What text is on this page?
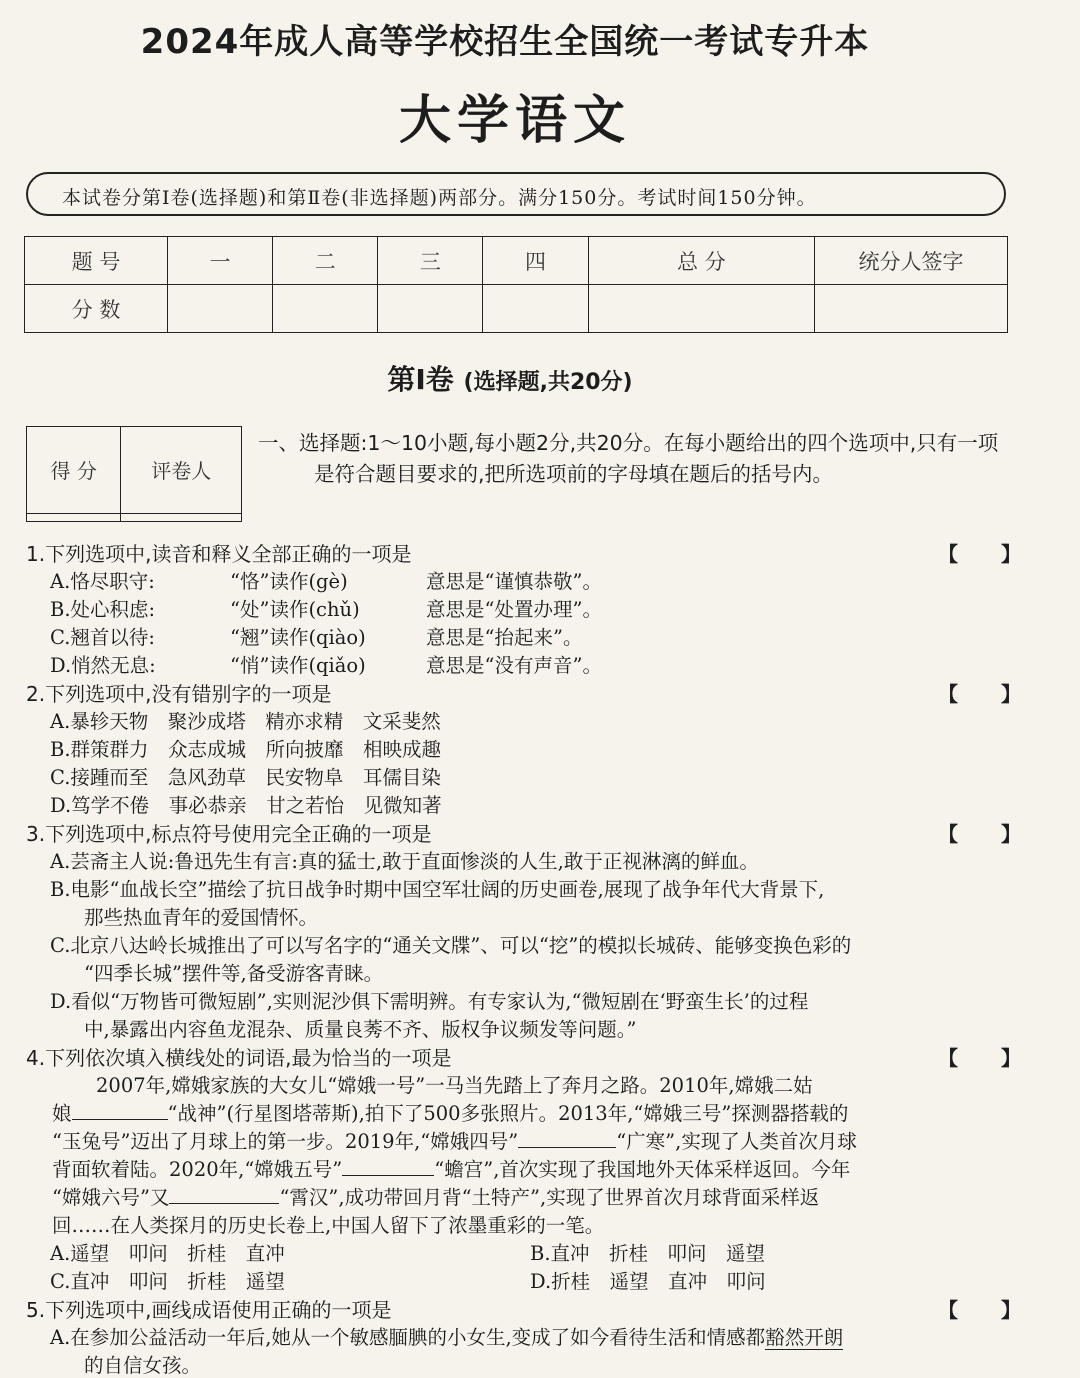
2024年成人高等学校招生全国统一考试专升本
大学语文
本试卷分第Ⅰ卷(选择题)和第Ⅱ卷(非选择题)两部分。满分150分。考试时间150分钟。
题 号	一	二	三	四	总 分	统分人签字
分 数						
第Ⅰ卷 (选择题,共20分)
得 分	评卷人

一、选择题:1～10小题,每小题2分,共20分。在每小题给出的四个选项中,只有一项是符合题目要求的,把所选项前的字母填在题后的括号内。
1.下列选项中,读音和释义全部正确的一项是	【 】
A.恪尽职守:	“恪”读作(gè)	意思是“谨慎恭敬”。
B.处心积虑:	“处”读作(chǔ)	意思是“处置办理”。
C.翘首以待:	“翘”读作(qiào)	意思是“抬起来”。
D.悄然无息:	“悄”读作(qiǎo)	意思是“没有声音”。
2.下列选项中,没有错别字的一项是	【 】
A.暴轸天物　聚沙成塔　精亦求精　文采斐然
B.群策群力　众志成城　所向披靡　相映成趣
C.接踵而至　急风劲草　民安物阜　耳儒目染
D.笃学不倦　事必恭亲　甘之若怡　见微知著
3.下列选项中,标点符号使用完全正确的一项是	【 】
A.芸斋主人说:鲁迅先生有言:真的猛士,敢于直面惨淡的人生,敢于正视淋漓的鲜血。
B.电影“血战长空”描绘了抗日战争时期中国空军壮阔的历史画卷,展现了战争年代大背景下,
那些热血青年的爱国情怀。
C.北京八达岭长城推出了可以写名字的“通关文牒”、可以“挖”的模拟长城砖、能够变换色彩的
“四季长城”摆件等,备受游客青睐。
D.看似“万物皆可微短剧”,实则泥沙俱下需明辨。有专家认为,“微短剧在‘野蛮生长’的过程
中,暴露出内容鱼龙混杂、质量良莠不齐、版权争议频发等问题。”
4.下列依次填入横线处的词语,最为恰当的一项是	【 】
2007年,嫦娥家族的大女儿“嫦娥一号”一马当先踏上了奔月之路。2010年,嫦娥二姑
娘	“战神”(行星图塔蒂斯),拍下了500多张照片。2013年,“嫦娥三号”探测器搭载的
“玉兔号”迈出了月球上的第一步。2019年,“嫦娥四号”	“广寒”,实现了人类首次月球
背面软着陆。2020年,“嫦娥五号”	“蟾宫”,首次实现了我国地外天体采样返回。今年
“嫦娥六号”又	“霄汉”,成功带回月背“土特产”,实现了世界首次月球背面采样返
回……在人类探月的历史长卷上,中国人留下了浓墨重彩的一笔。
A.遥望　叩问　折桂　直冲	B.直冲　折桂　叩问　遥望
C.直冲　叩问　折桂　遥望	D.折桂　遥望　直冲　叩问
5.下列选项中,画线成语使用正确的一项是	【 】
A.在参加公益活动一年后,她从一个敏感腼腆的小女生,变成了如今看待生活和情感都豁然开朗
的自信女孩。
